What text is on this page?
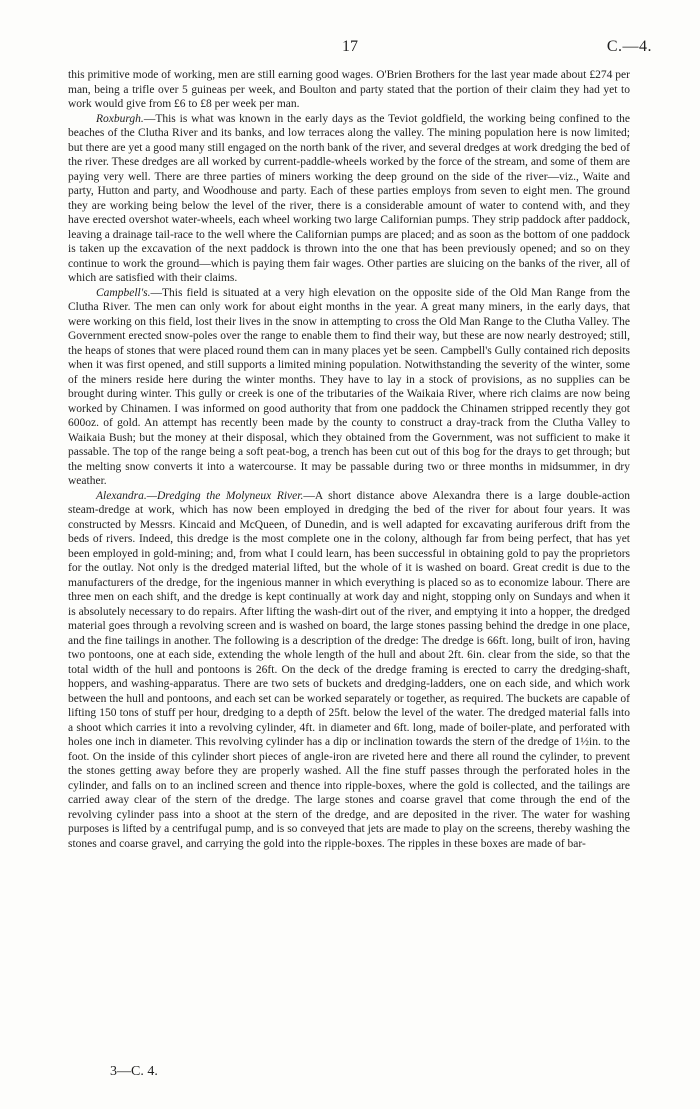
17	C.—4.

this primitive mode of working, men are still earning good wages. O'Brien Brothers for the last year made about £274 per man, being a trifle over 5 guineas per week, and Boulton and party stated that the portion of their claim they had yet to work would give from £6 to £8 per week per man.

Roxburgh.—This is what was known in the early days as the Teviot goldfield, the working being confined to the beaches of the Clutha River and its banks, and low terraces along the valley. The mining population here is now limited; but there are yet a good many still engaged on the north bank of the river, and several dredges at work dredging the bed of the river. These dredges are all worked by current-paddle-wheels worked by the force of the stream, and some of them are paying very well. There are three parties of miners working the deep ground on the side of the river—viz., Waite and party, Hutton and party, and Woodhouse and party. Each of these parties employs from seven to eight men. The ground they are working being below the level of the river, there is a considerable amount of water to contend with, and they have erected overshot water-wheels, each wheel working two large Californian pumps. They strip paddock after paddock, leaving a drainage tail-race to the well where the Californian pumps are placed; and as soon as the bottom of one paddock is taken up the excavation of the next paddock is thrown into the one that has been previously opened; and so on they continue to work the ground—which is paying them fair wages. Other parties are sluicing on the banks of the river, all of which are satisfied with their claims.

Campbell's.—This field is situated at a very high elevation on the opposite side of the Old Man Range from the Clutha River. The men can only work for about eight months in the year. A great many miners, in the early days, that were working on this field, lost their lives in the snow in attempting to cross the Old Man Range to the Clutha Valley. The Government erected snow-poles over the range to enable them to find their way, but these are now nearly destroyed; still, the heaps of stones that were placed round them can in many places yet be seen. Campbell's Gully contained rich deposits when it was first opened, and still supports a limited mining population. Notwithstanding the severity of the winter, some of the miners reside here during the winter months. They have to lay in a stock of provisions, as no supplies can be brought during winter. This gully or creek is one of the tributaries of the Waikaia River, where rich claims are now being worked by Chinamen. I was informed on good authority that from one paddock the Chinamen stripped recently they got 600oz. of gold. An attempt has recently been made by the county to construct a dray-track from the Clutha Valley to Waikaia Bush; but the money at their disposal, which they obtained from the Government, was not sufficient to make it passable. The top of the range being a soft peat-bog, a trench has been cut out of this bog for the drays to get through; but the melting snow converts it into a watercourse. It may be passable during two or three months in midsummer, in dry weather.

Alexandra.—Dredging the Molyneux River.—A short distance above Alexandra there is a large double-action steam-dredge at work, which has now been employed in dredging the bed of the river for about four years. It was constructed by Messrs. Kincaid and McQueen, of Dunedin, and is well adapted for excavating auriferous drift from the beds of rivers. Indeed, this dredge is the most complete one in the colony, although far from being perfect, that has yet been employed in gold-mining; and, from what I could learn, has been successful in obtaining gold to pay the proprietors for the outlay. Not only is the dredged material lifted, but the whole of it is washed on board. Great credit is due to the manufacturers of the dredge, for the ingenious manner in which everything is placed so as to economize labour. There are three men on each shift, and the dredge is kept continually at work day and night, stopping only on Sundays and when it is absolutely necessary to do repairs. After lifting the wash-dirt out of the river, and emptying it into a hopper, the dredged material goes through a revolving screen and is washed on board, the large stones passing behind the dredge in one place, and the fine tailings in another. The following is a description of the dredge: The dredge is 66ft. long, built of iron, having two pontoons, one at each side, extending the whole length of the hull and about 2ft. 6in. clear from the side, so that the total width of the hull and pontoons is 26ft. On the deck of the dredge framing is erected to carry the dredging-shaft, hoppers, and washing-apparatus. There are two sets of buckets and dredging-ladders, one on each side, and which work between the hull and pontoons, and each set can be worked separately or together, as required. The buckets are capable of lifting 150 tons of stuff per hour, dredging to a depth of 25ft. below the level of the water. The dredged material falls into a shoot which carries it into a revolving cylinder, 4ft. in diameter and 6ft. long, made of boiler-plate, and perforated with holes one inch in diameter. This revolving cylinder has a dip or inclination towards the stern of the dredge of 1½in. to the foot. On the inside of this cylinder short pieces of angle-iron are riveted here and there all round the cylinder, to prevent the stones getting away before they are properly washed. All the fine stuff passes through the perforated holes in the cylinder, and falls on to an inclined screen and thence into ripple-boxes, where the gold is collected, and the tailings are carried away clear of the stern of the dredge. The large stones and coarse gravel that come through the end of the revolving cylinder pass into a shoot at the stern of the dredge, and are deposited in the river. The water for washing purposes is lifted by a centrifugal pump, and is so conveyed that jets are made to play on the screens, thereby washing the stones and coarse gravel, and carrying the gold into the ripple-boxes. The ripples in these boxes are made of bar-

3—C. 4.
